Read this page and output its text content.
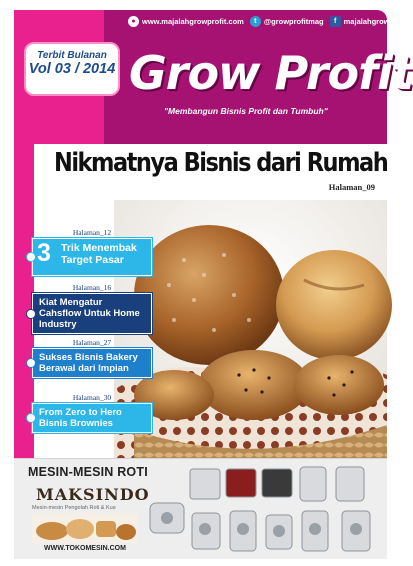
● www.majalahgrowprofit.com	t @growprofitmag	f majalahgrowprofit
Terbit Bulanan
Vol 03 / 2014 Grow Profit
"Membangun Bisnis Profit dan Tumbuh"
Nikmatnya Bisnis dari Rumah
Halaman_09
Halaman_12
3 Trik Menembak Target Pasar
Halaman_16
Kiat Mengatur Cahsflow Untuk Home Industry
Halaman_27
Sukses Bisnis Bakery Berawal dari Impian
Halaman_30
From Zero to Hero Bisnis Brownies
MESIN-MESIN ROTI
MAKSINDO
Mesin-mesin Pengolah Roti & Kue
WWW.TOKOMESIN.COM
